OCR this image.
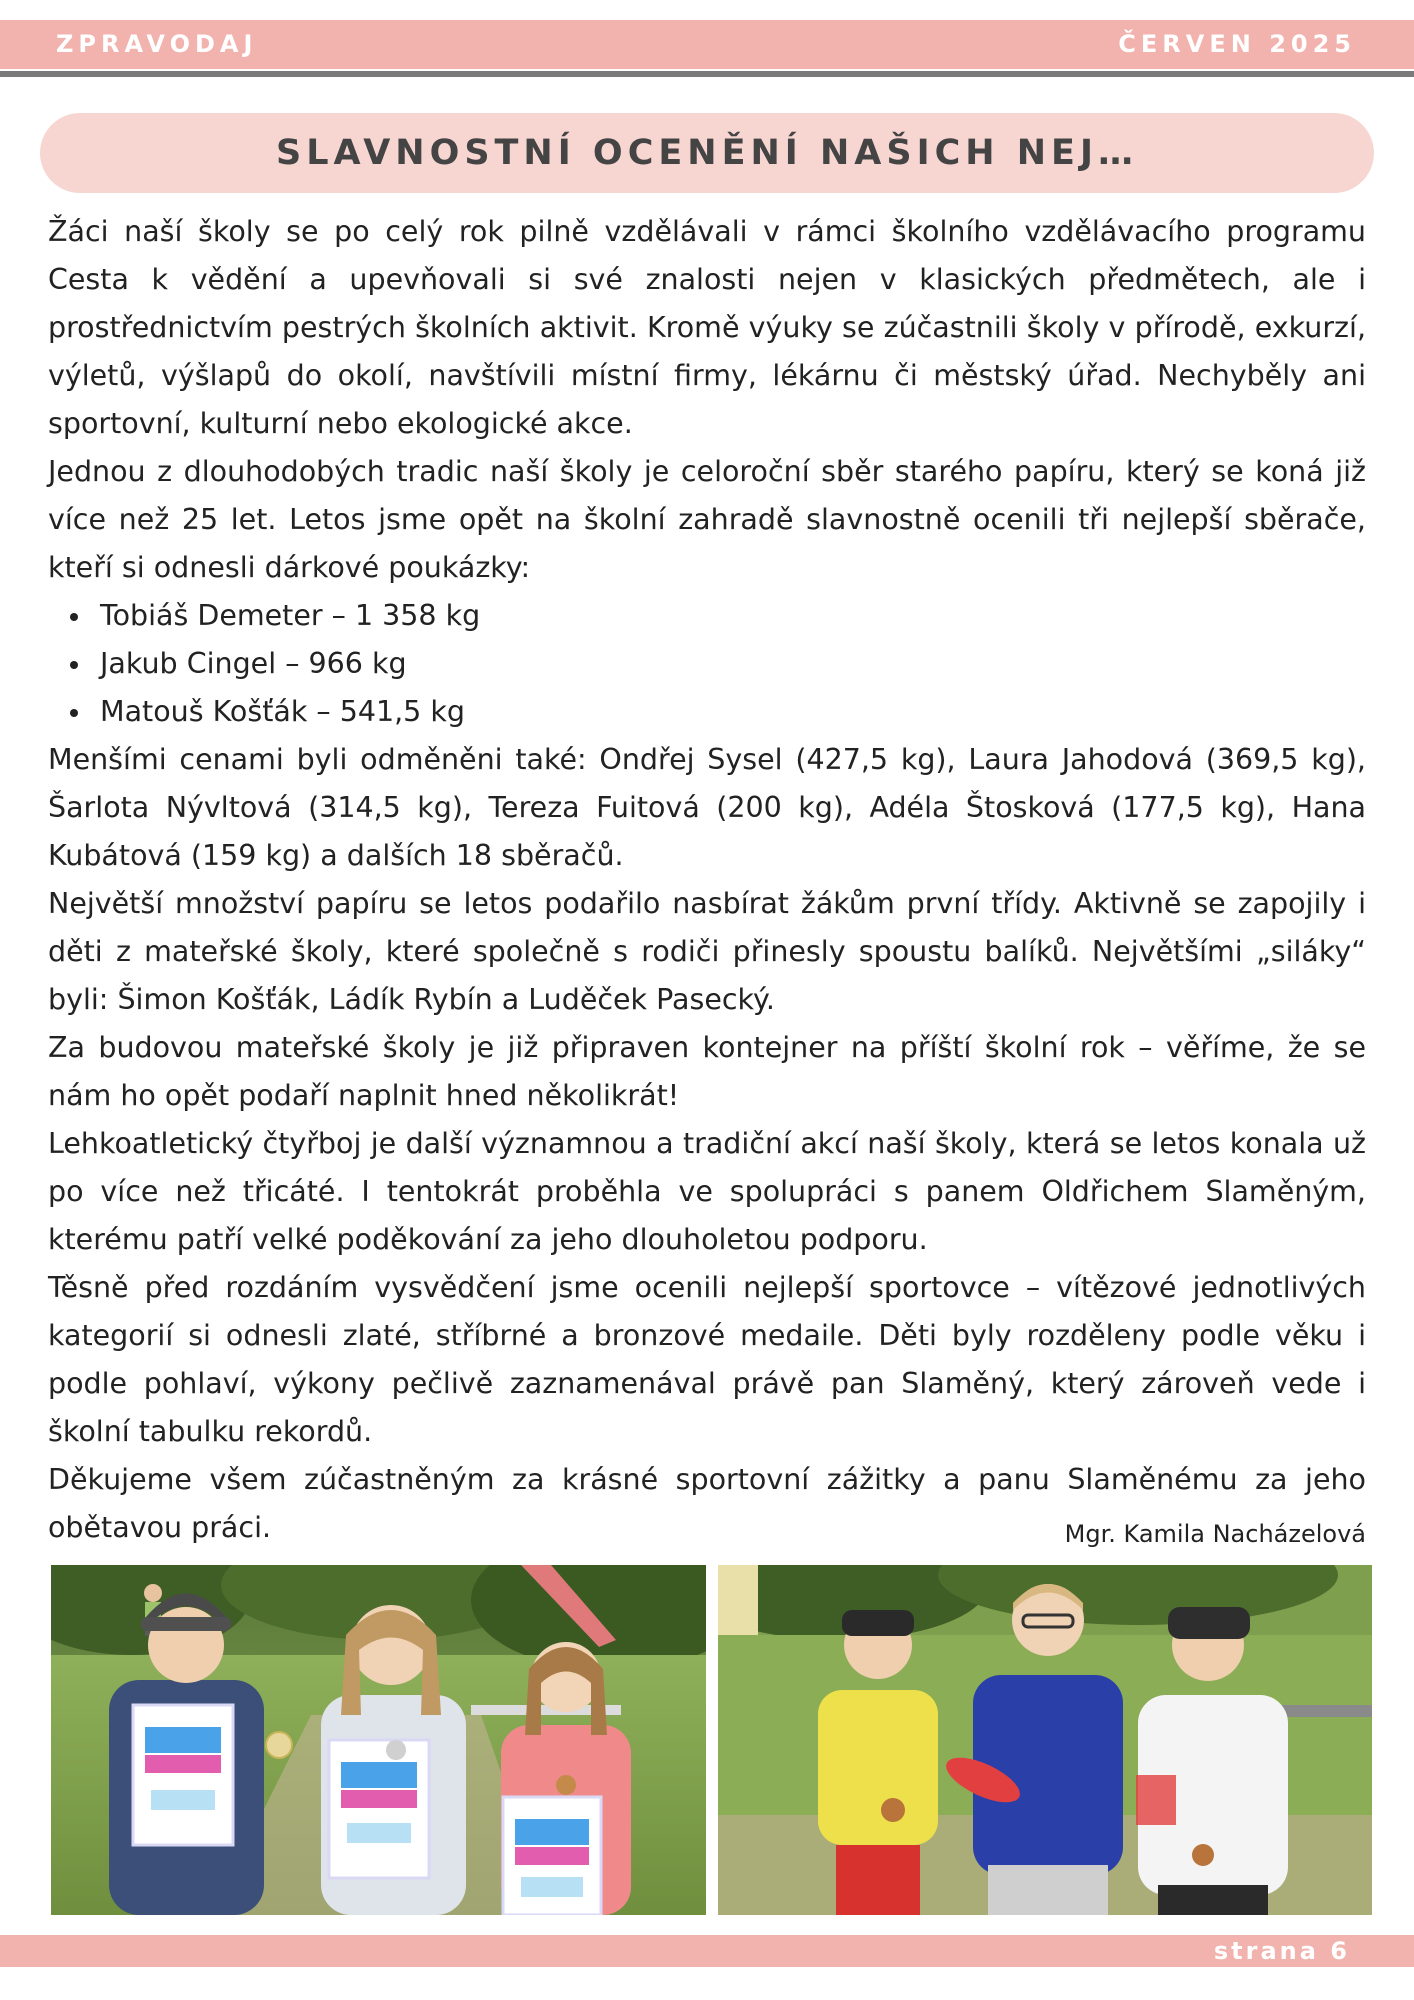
ZPRAVODAJ	ČERVEN 2025
SLAVNOSTNÍ OCENĚNÍ NAŠICH NEJ…

Žáci naší školy se po celý rok pilně vzdělávali v rámci školního vzdělávacího programu Cesta k vědění a upevňovali si své znalosti nejen v klasických předmětech, ale i prostřednictvím pestrých školních aktivit. Kromě výuky se zúčastnili školy v přírodě, exkurzí, výletů, výšlapů do okolí, navštívili místní firmy, lékárnu či městský úřad. Nechyběly ani sportovní, kulturní nebo ekologické akce.

Jednou z dlouhodobých tradic naší školy je celoroční sběr starého papíru, který se koná již více než 25 let. Letos jsme opět na školní zahradě slavnostně ocenili tři nejlepší sběrače, kteří si odnesli dárkové poukázky:

Tobiáš Demeter – 1 358 kg
Jakub Cingel – 966 kg
Matouš Košťák – 541,5 kg

Menšími cenami byli odměněni také: Ondřej Sysel (427,5 kg), Laura Jahodová (369,5 kg), Šarlota Nývltová (314,5 kg), Tereza Fuitová (200 kg), Adéla Štosková (177,5 kg), Hana Kubátová (159 kg) a dalších 18 sběračů.

Největší množství papíru se letos podařilo nasbírat žákům první třídy. Aktivně se zapojily i děti z mateřské školy, které společně s rodiči přinesly spoustu balíků. Největšími „siláky“ byli: Šimon Košťák, Ládík Rybín a Luděček Pasecký.

Za budovou mateřské školy je již připraven kontejner na příští školní rok – věříme, že se nám ho opět podaří naplnit hned několikrát!

Lehkoatletický čtyřboj je další významnou a tradiční akcí naší školy, která se letos konala už po více než třicáté. I tentokrát proběhla ve spolupráci s panem Oldřichem Slaměným, kterému patří velké poděkování za jeho dlouholetou podporu.

Těsně před rozdáním vysvědčení jsme ocenili nejlepší sportovce – vítězové jednotlivých kategorií si odnesli zlaté, stříbrné a bronzové medaile. Děti byly rozděleny podle věku i podle pohlaví, výkony pečlivě zaznamenával právě pan Slaměný, který zároveň vede i školní tabulku rekordů.

Děkujeme všem zúčastněným za krásné sportovní zážitky a panu Slaměnému za jeho obětavou práci.	Mgr. Kamila Nacházelová
strana 6
